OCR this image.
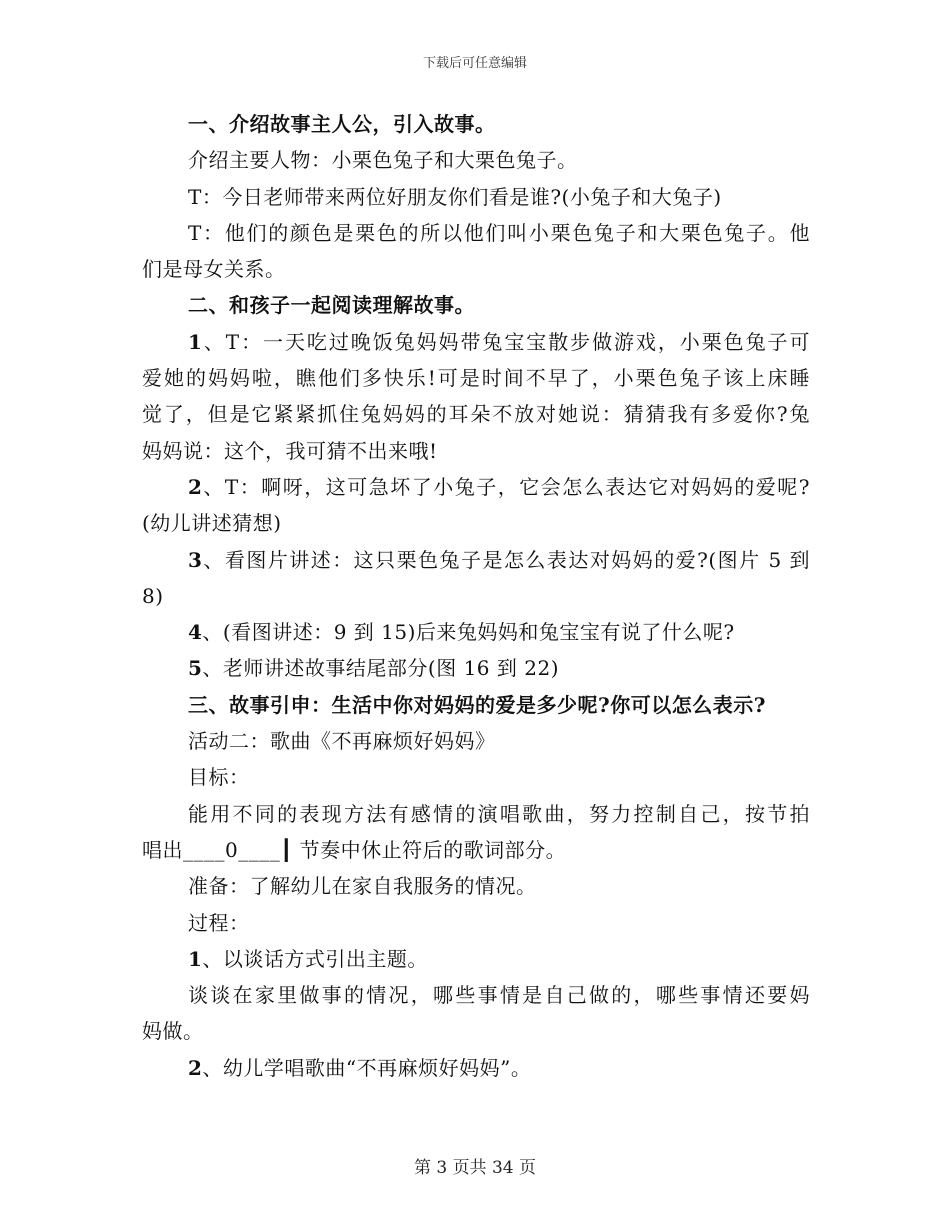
下载后可任意编辑
一、介绍故事主人公，引入故事。
介绍主要人物：小栗色兔子和大栗色兔子。
T：今日老师带来两位好朋友你们看是谁?(小兔子和大兔子)
T：他们的颜色是栗色的所以他们叫小栗色兔子和大栗色兔子。他
们是母女关系。
二、和孩子一起阅读理解故事。
1、T：一天吃过晚饭兔妈妈带兔宝宝散步做游戏，小栗色兔子可
爱她的妈妈啦，瞧他们多快乐!可是时间不早了，小栗色兔子该上床睡
觉了，但是它紧紧抓住兔妈妈的耳朵不放对她说：猜猜我有多爱你?兔
妈妈说：这个，我可猜不出来哦!
2、T：啊呀，这可急坏了小兔子，它会怎么表达它对妈妈的爱呢?
(幼儿讲述猜想)
3、看图片讲述：这只栗色兔子是怎么表达对妈妈的爱?(图片 5 到
8)
4、(看图讲述：9 到 15)后来兔妈妈和兔宝宝有说了什么呢?
5、老师讲述故事结尾部分(图 16 到 22)
三、故事引申：生活中你对妈妈的爱是多少呢?你可以怎么表示?
活动二：歌曲《不再麻烦好妈妈》
目标：
能用不同的表现方法有感情的演唱歌曲，努力控制自己，按节拍
唱出____0____┃ 节奏中休止符后的歌词部分。
准备：了解幼儿在家自我服务的情况。
过程：
1、以谈话方式引出主题。
谈谈在家里做事的情况，哪些事情是自己做的，哪些事情还要妈
妈做。
2、幼儿学唱歌曲“不再麻烦好妈妈”。
第 3 页共 34 页
